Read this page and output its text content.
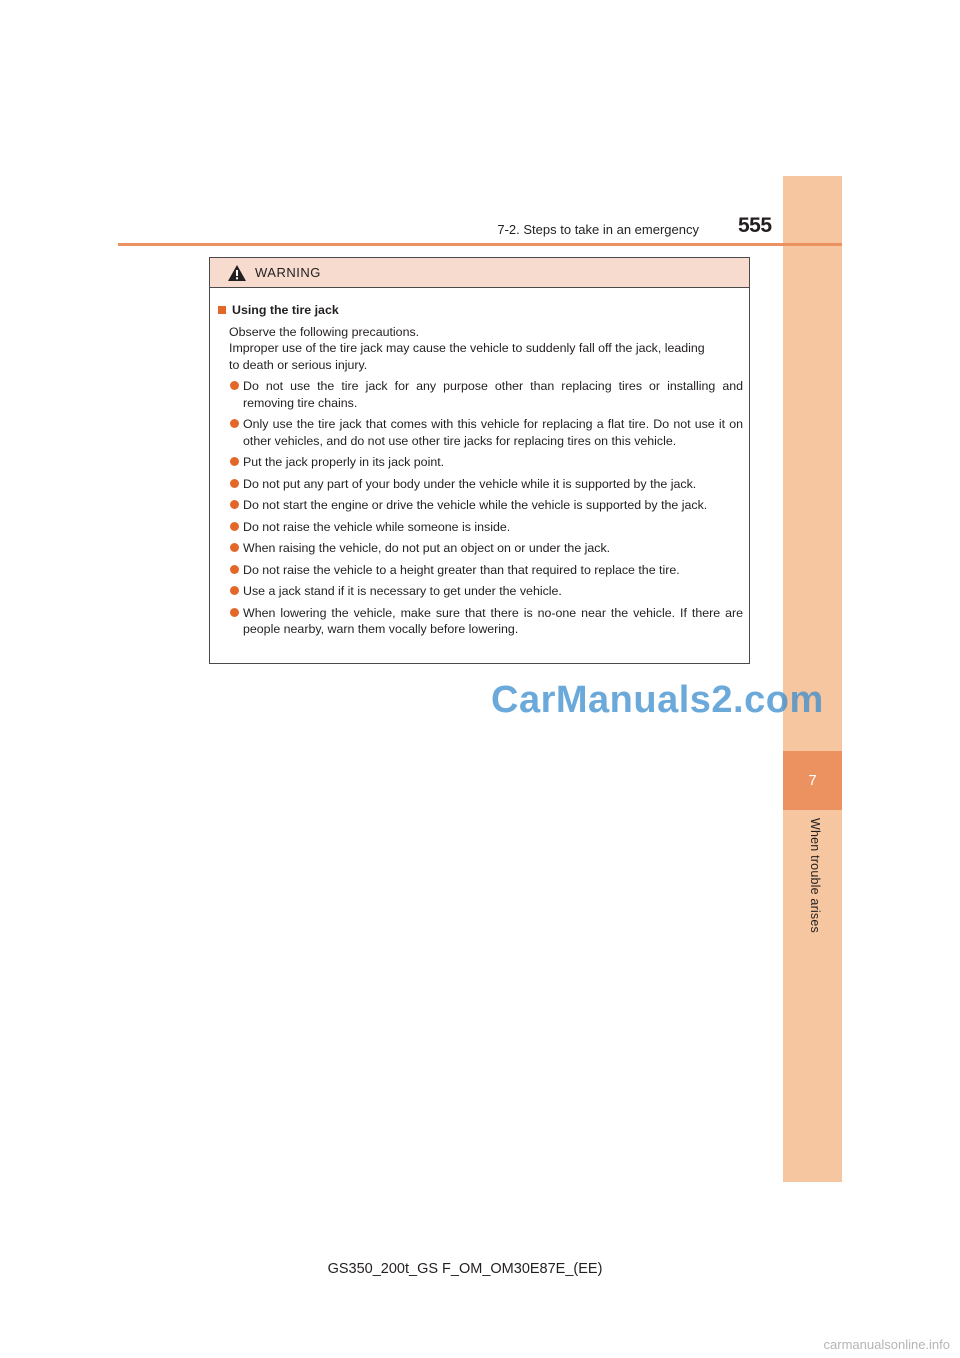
7
When trouble arises
7-2. Steps to take in an emergency 555
WARNING
Using the tire jack
Observe the following precautions.
Improper use of the tire jack may cause the vehicle to suddenly fall off the jack, leading
to death or serious injury.
Do not use the tire jack for any purpose other than replacing tires or installing and removing tire chains.
Only use the tire jack that comes with this vehicle for replacing a flat tire. Do not use it on other vehicles, and do not use other tire jacks for replacing tires on this vehicle.
Put the jack properly in its jack point.
Do not put any part of your body under the vehicle while it is supported by the jack.
Do not start the engine or drive the vehicle while the vehicle is supported by the jack.
Do not raise the vehicle while someone is inside.
When raising the vehicle, do not put an object on or under the jack.
Do not raise the vehicle to a height greater than that required to replace the tire.
Use a jack stand if it is necessary to get under the vehicle.
When lowering the vehicle, make sure that there is no-one near the vehicle. If there are people nearby, warn them vocally before lowering.
CarManuals2.com
GS350_200t_GS F_OM_OM30E87E_(EE)
carmanualsonline.info
